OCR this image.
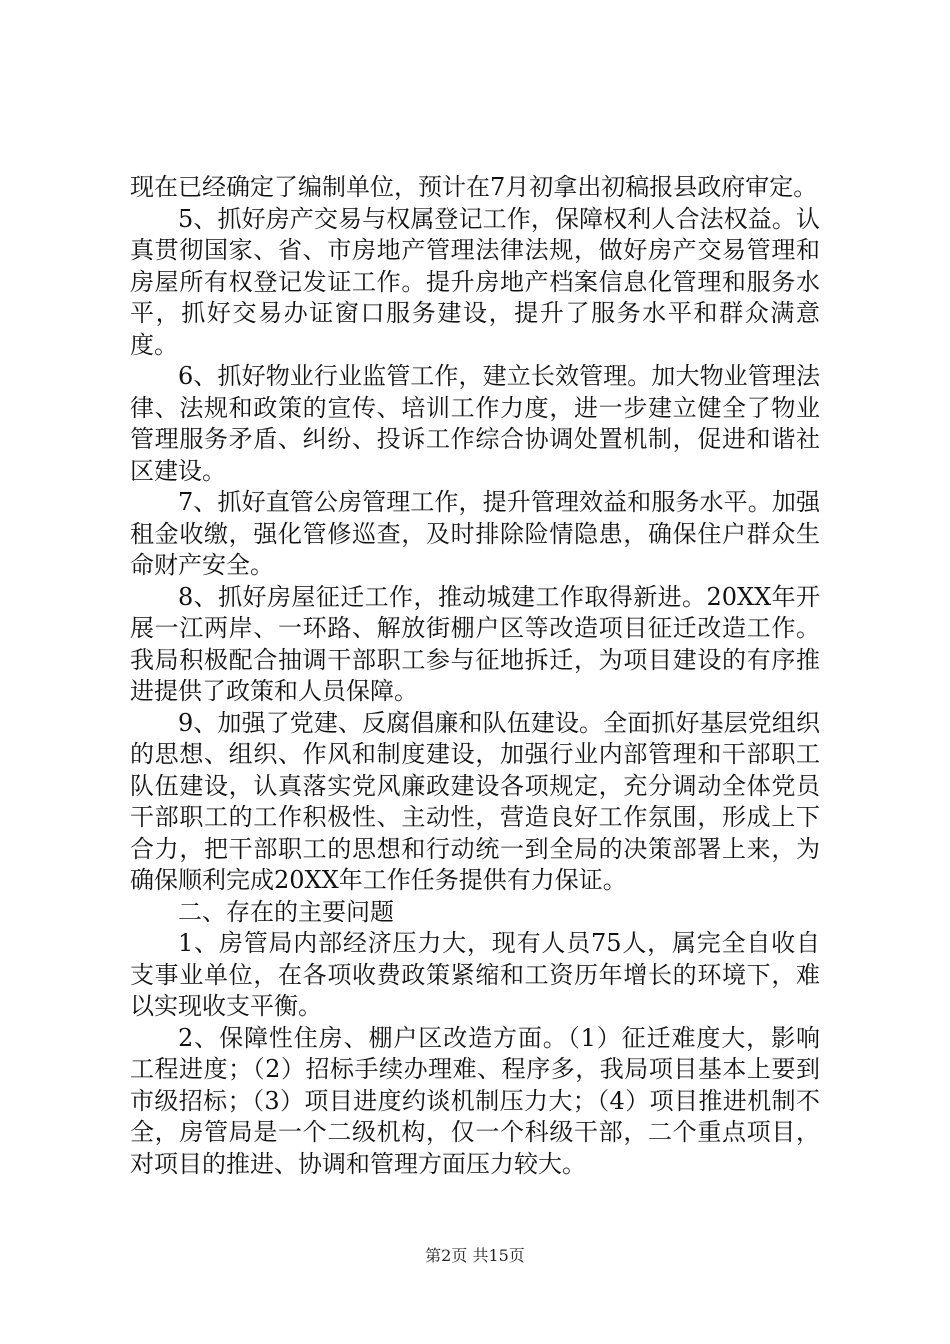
现在已经确定了编制单位，预计在7月初拿出初稿报县政府审定。

5、抓好房产交易与权属登记工作，保障权利人合法权益。认真贯彻国家、省、市房地产管理法律法规，做好房产交易管理和房屋所有权登记发证工作。提升房地产档案信息化管理和服务水平，抓好交易办证窗口服务建设，提升了服务水平和群众满意度。

6、抓好物业行业监管工作，建立长效管理。加大物业管理法律、法规和政策的宣传、培训工作力度，进一步建立健全了物业管理服务矛盾、纠纷、投诉工作综合协调处置机制，促进和谐社区建设。

7、抓好直管公房管理工作，提升管理效益和服务水平。加强租金收缴，强化管修巡查，及时排除险情隐患，确保住户群众生命财产安全。

8、抓好房屋征迁工作，推动城建工作取得新进。20XX年开展一江两岸、一环路、解放街棚户区等改造项目征迁改造工作。我局积极配合抽调干部职工参与征地拆迁，为项目建设的有序推进提供了政策和人员保障。

9、加强了党建、反腐倡廉和队伍建设。全面抓好基层党组织的思想、组织、作风和制度建设，加强行业内部管理和干部职工队伍建设，认真落实党风廉政建设各项规定，充分调动全体党员干部职工的工作积极性、主动性，营造良好工作氛围，形成上下合力，把干部职工的思想和行动统一到全局的决策部署上来，为确保顺利完成20XX年工作任务提供有力保证。

二、存在的主要问题

1、房管局内部经济压力大，现有人员75人，属完全自收自支事业单位，在各项收费政策紧缩和工资历年增长的环境下，难以实现收支平衡。

2、保障性住房、棚户区改造方面。（1）征迁难度大，影响工程进度；（2）招标手续办理难、程序多，我局项目基本上要到市级招标；（3）项目进度约谈机制压力大；（4）项目推进机制不全，房管局是一个二级机构，仅一个科级干部，二个重点项目，对项目的推进、协调和管理方面压力较大。

第2页 共15页
